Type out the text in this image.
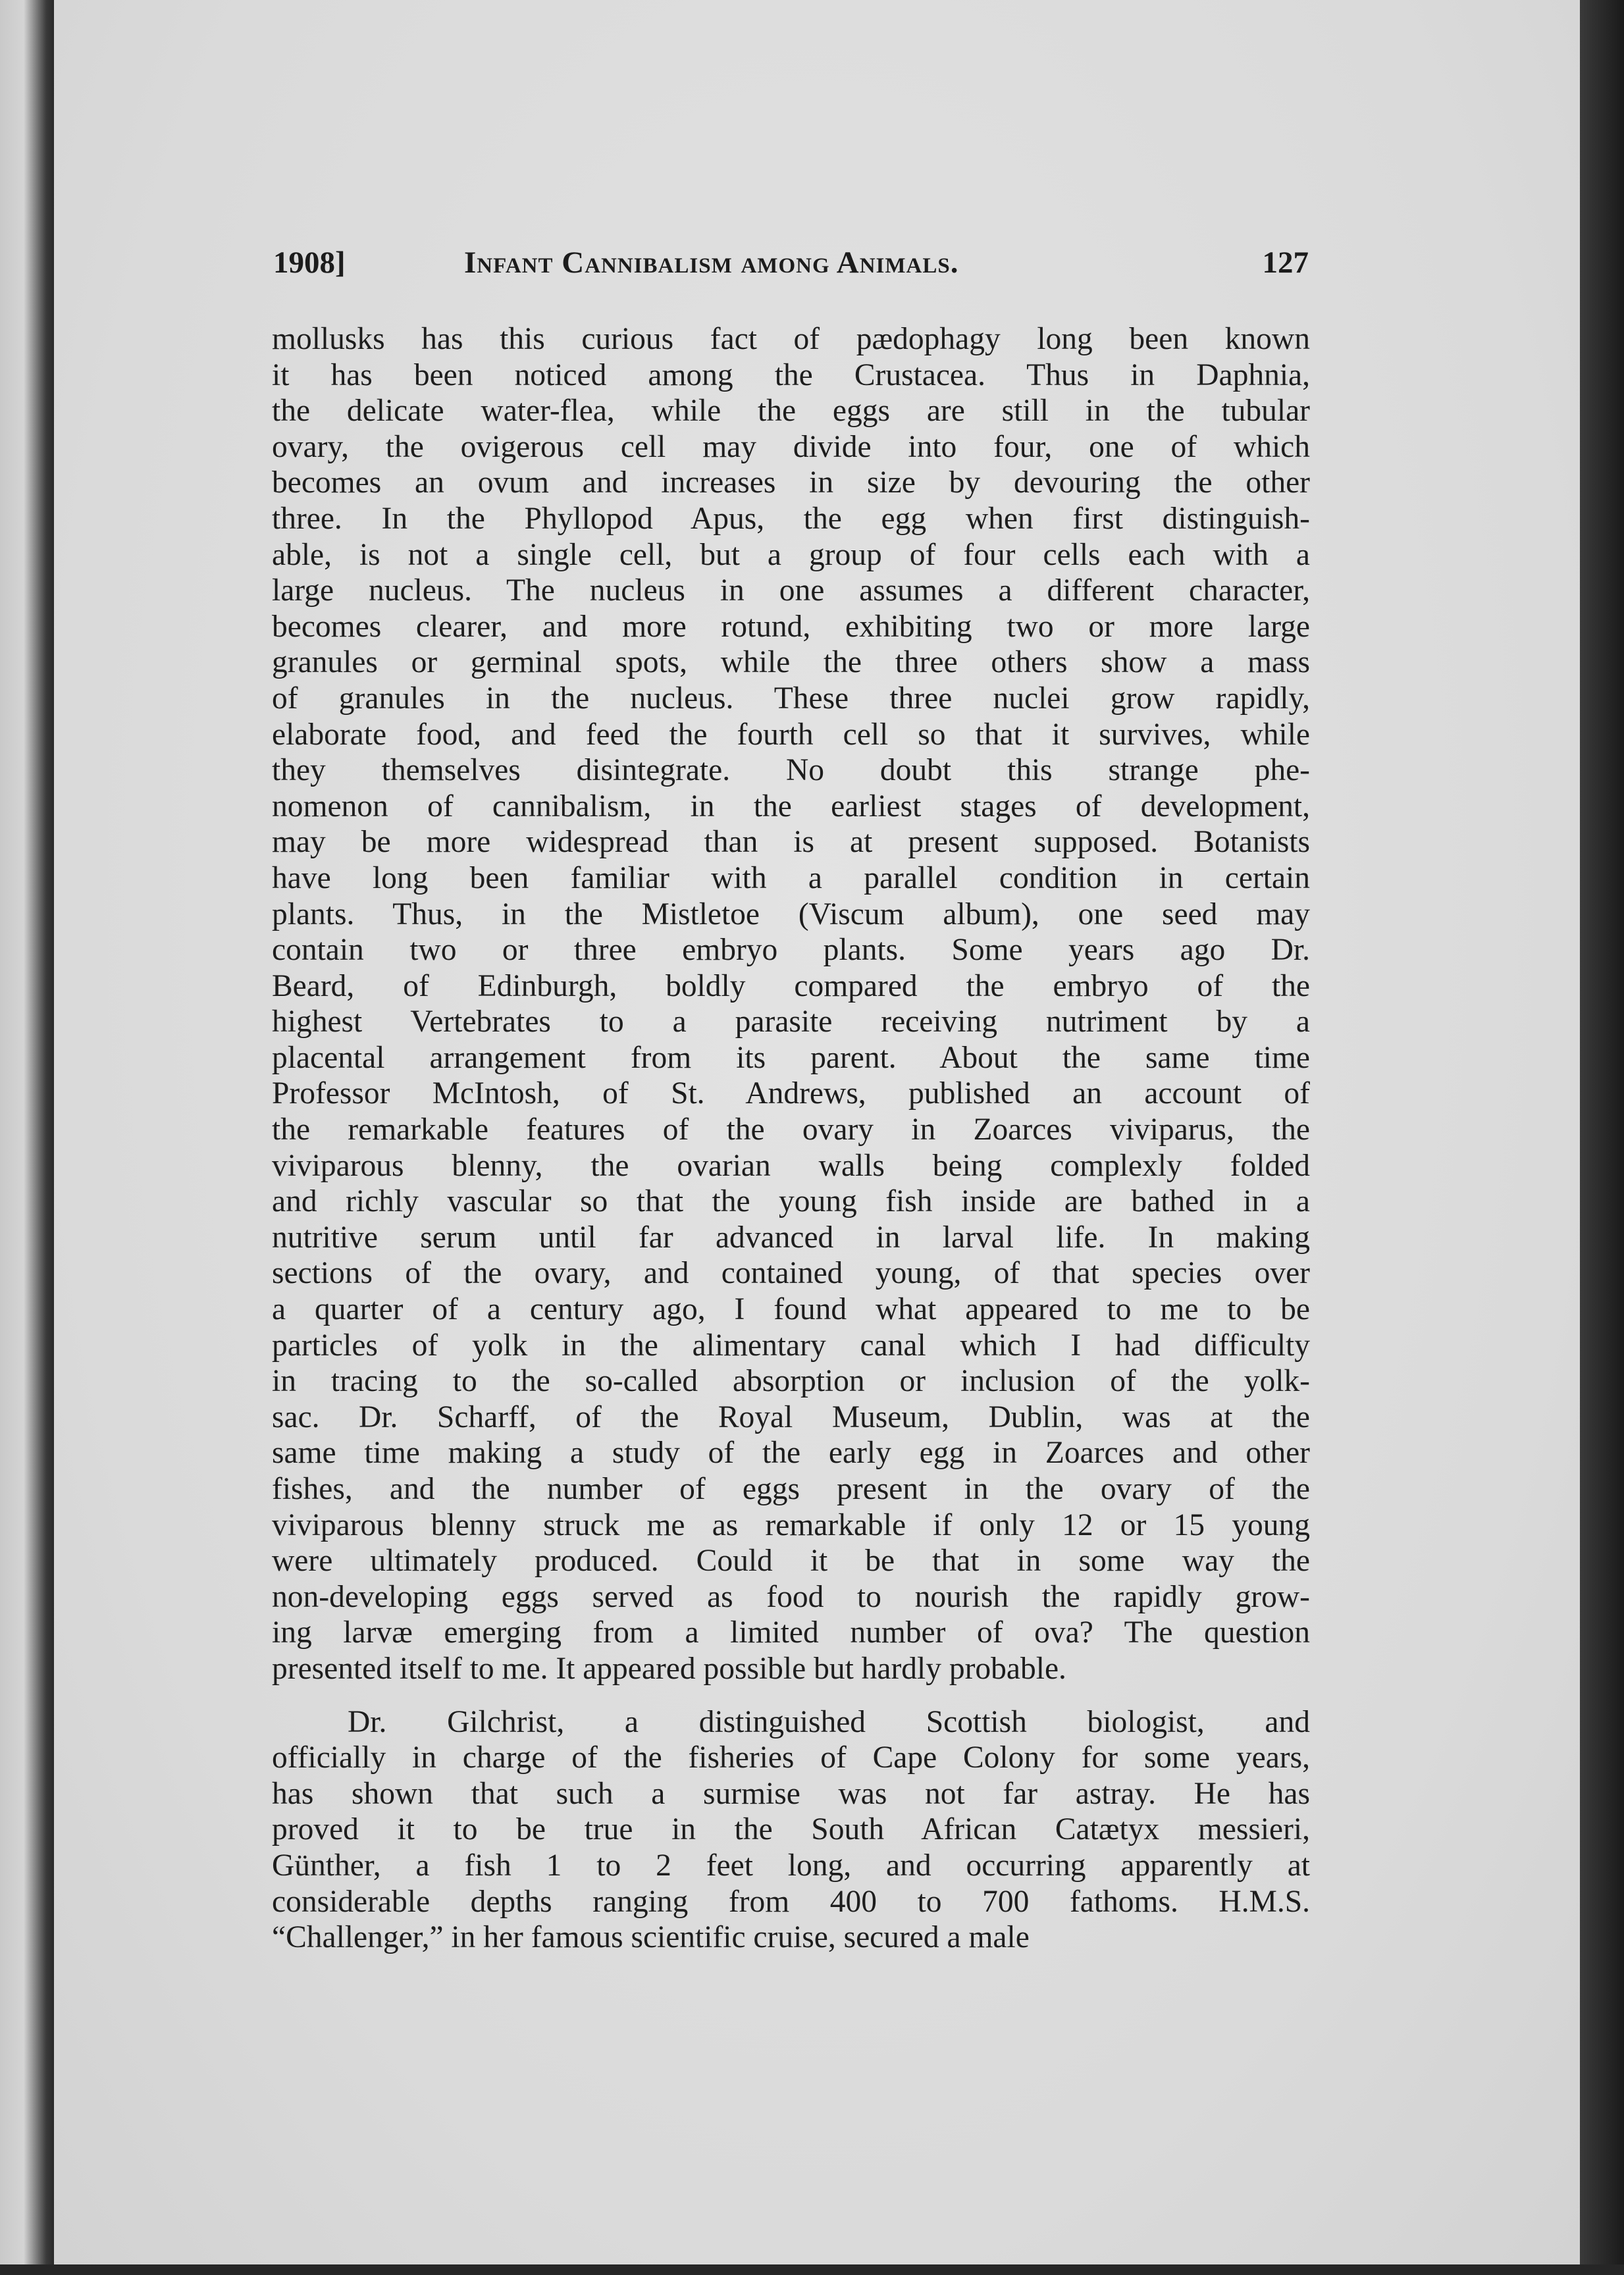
1908]	Infant Cannibalism among Animals.	127
mollusks has this curious fact of pædophagy long been known
it has been noticed among the Crustacea. Thus in Daphnia,
the delicate water-flea, while the eggs are still in the tubular
ovary, the ovigerous cell may divide into four, one of which
becomes an ovum and increases in size by devouring the other
three. In the Phyllopod Apus, the egg when first distinguish-
able, is not a single cell, but a group of four cells each with a
large nucleus. The nucleus in one assumes a different character,
becomes clearer, and more rotund, exhibiting two or more large
granules or germinal spots, while the three others show a mass
of granules in the nucleus. These three nuclei grow rapidly,
elaborate food, and feed the fourth cell so that it survives, while
they themselves disintegrate. No doubt this strange phe-
nomenon of cannibalism, in the earliest stages of development,
may be more widespread than is at present supposed. Botanists
have long been familiar with a parallel condition in certain
plants. Thus, in the Mistletoe (Viscum album), one seed may
contain two or three embryo plants. Some years ago Dr.
Beard, of Edinburgh, boldly compared the embryo of the
highest Vertebrates to a parasite receiving nutriment by a
placental arrangement from its parent. About the same time
Professor McIntosh, of St. Andrews, published an account of
the remarkable features of the ovary in Zoarces viviparus, the
viviparous blenny, the ovarian walls being complexly folded
and richly vascular so that the young fish inside are bathed in a
nutritive serum until far advanced in larval life. In making
sections of the ovary, and contained young, of that species over
a quarter of a century ago, I found what appeared to me to be
particles of yolk in the alimentary canal which I had difficulty
in tracing to the so-called absorption or inclusion of the yolk-
sac. Dr. Scharff, of the Royal Museum, Dublin, was at the
same time making a study of the early egg in Zoarces and other
fishes, and the number of eggs present in the ovary of the
viviparous blenny struck me as remarkable if only 12 or 15 young
were ultimately produced. Could it be that in some way the
non-developing eggs served as food to nourish the rapidly grow-
ing larvæ emerging from a limited number of ova? The question
presented itself to me. It appeared possible but hardly probable.
Dr. Gilchrist, a distinguished Scottish biologist, and
officially in charge of the fisheries of Cape Colony for some years,
has shown that such a surmise was not far astray. He has
proved it to be true in the South African Catætyx messieri,
Günther, a fish 1 to 2 feet long, and occurring apparently at
considerable depths ranging from 400 to 700 fathoms. H.M.S.
“Challenger,” in her famous scientific cruise, secured a male
